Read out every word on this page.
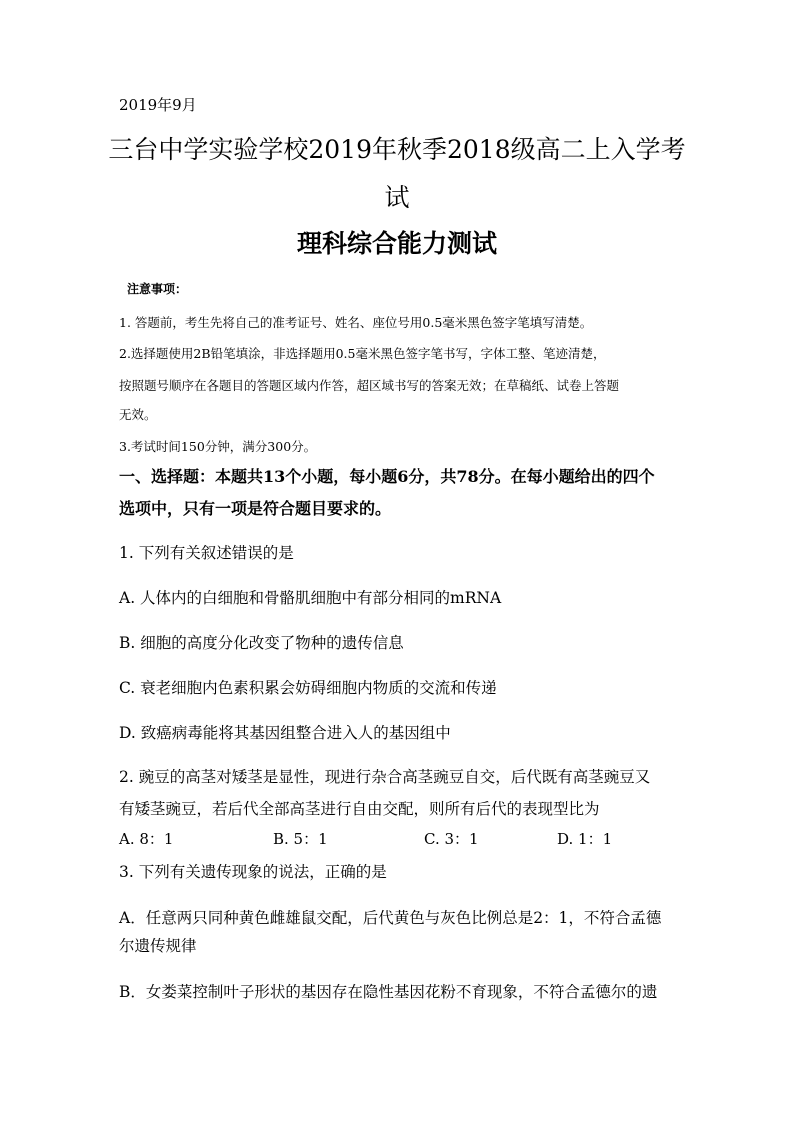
2019年9月
三台中学实验学校2019年秋季2018级高二上入学考
试
理科综合能力测试
注意事项：
1. 答题前，考生先将自己的准考证号、姓名、座位号用0.5毫米黑色签字笔填写清楚。
2.选择题使用2B铅笔填涂，非选择题用0.5毫米黑色签字笔书写，字体工整、笔迹清楚，
按照题号顺序在各题目的答题区域内作答，超区域书写的答案无效；在草稿纸、试卷上答题
无效。
3.考试时间150分钟，满分300分。
一、选择题：本题共13个小题，每小题6分，共78分。在每小题给出的四个
选项中，只有一项是符合题目要求的。
1. 下列有关叙述错误的是
A. 人体内的白细胞和骨骼肌细胞中有部分相同的mRNA
B. 细胞的高度分化改变了物种的遗传信息
C. 衰老细胞内色素积累会妨碍细胞内物质的交流和传递
D. 致癌病毒能将其基因组整合进入人的基因组中
2. 豌豆的高茎对矮茎是显性，现进行杂合高茎豌豆自交，后代既有高茎豌豆又
有矮茎豌豆，若后代全部高茎进行自由交配，则所有后代的表现型比为
A. 8：1	B. 5：1	C. 3：1	D. 1：1
3. 下列有关遗传现象的说法，正确的是
A．任意两只同种黄色雌雄鼠交配，后代黄色与灰色比例总是2：1，不符合孟德
尔遗传规律
B．女娄菜控制叶子形状的基因存在隐性基因花粉不育现象，不符合孟德尔的遗
